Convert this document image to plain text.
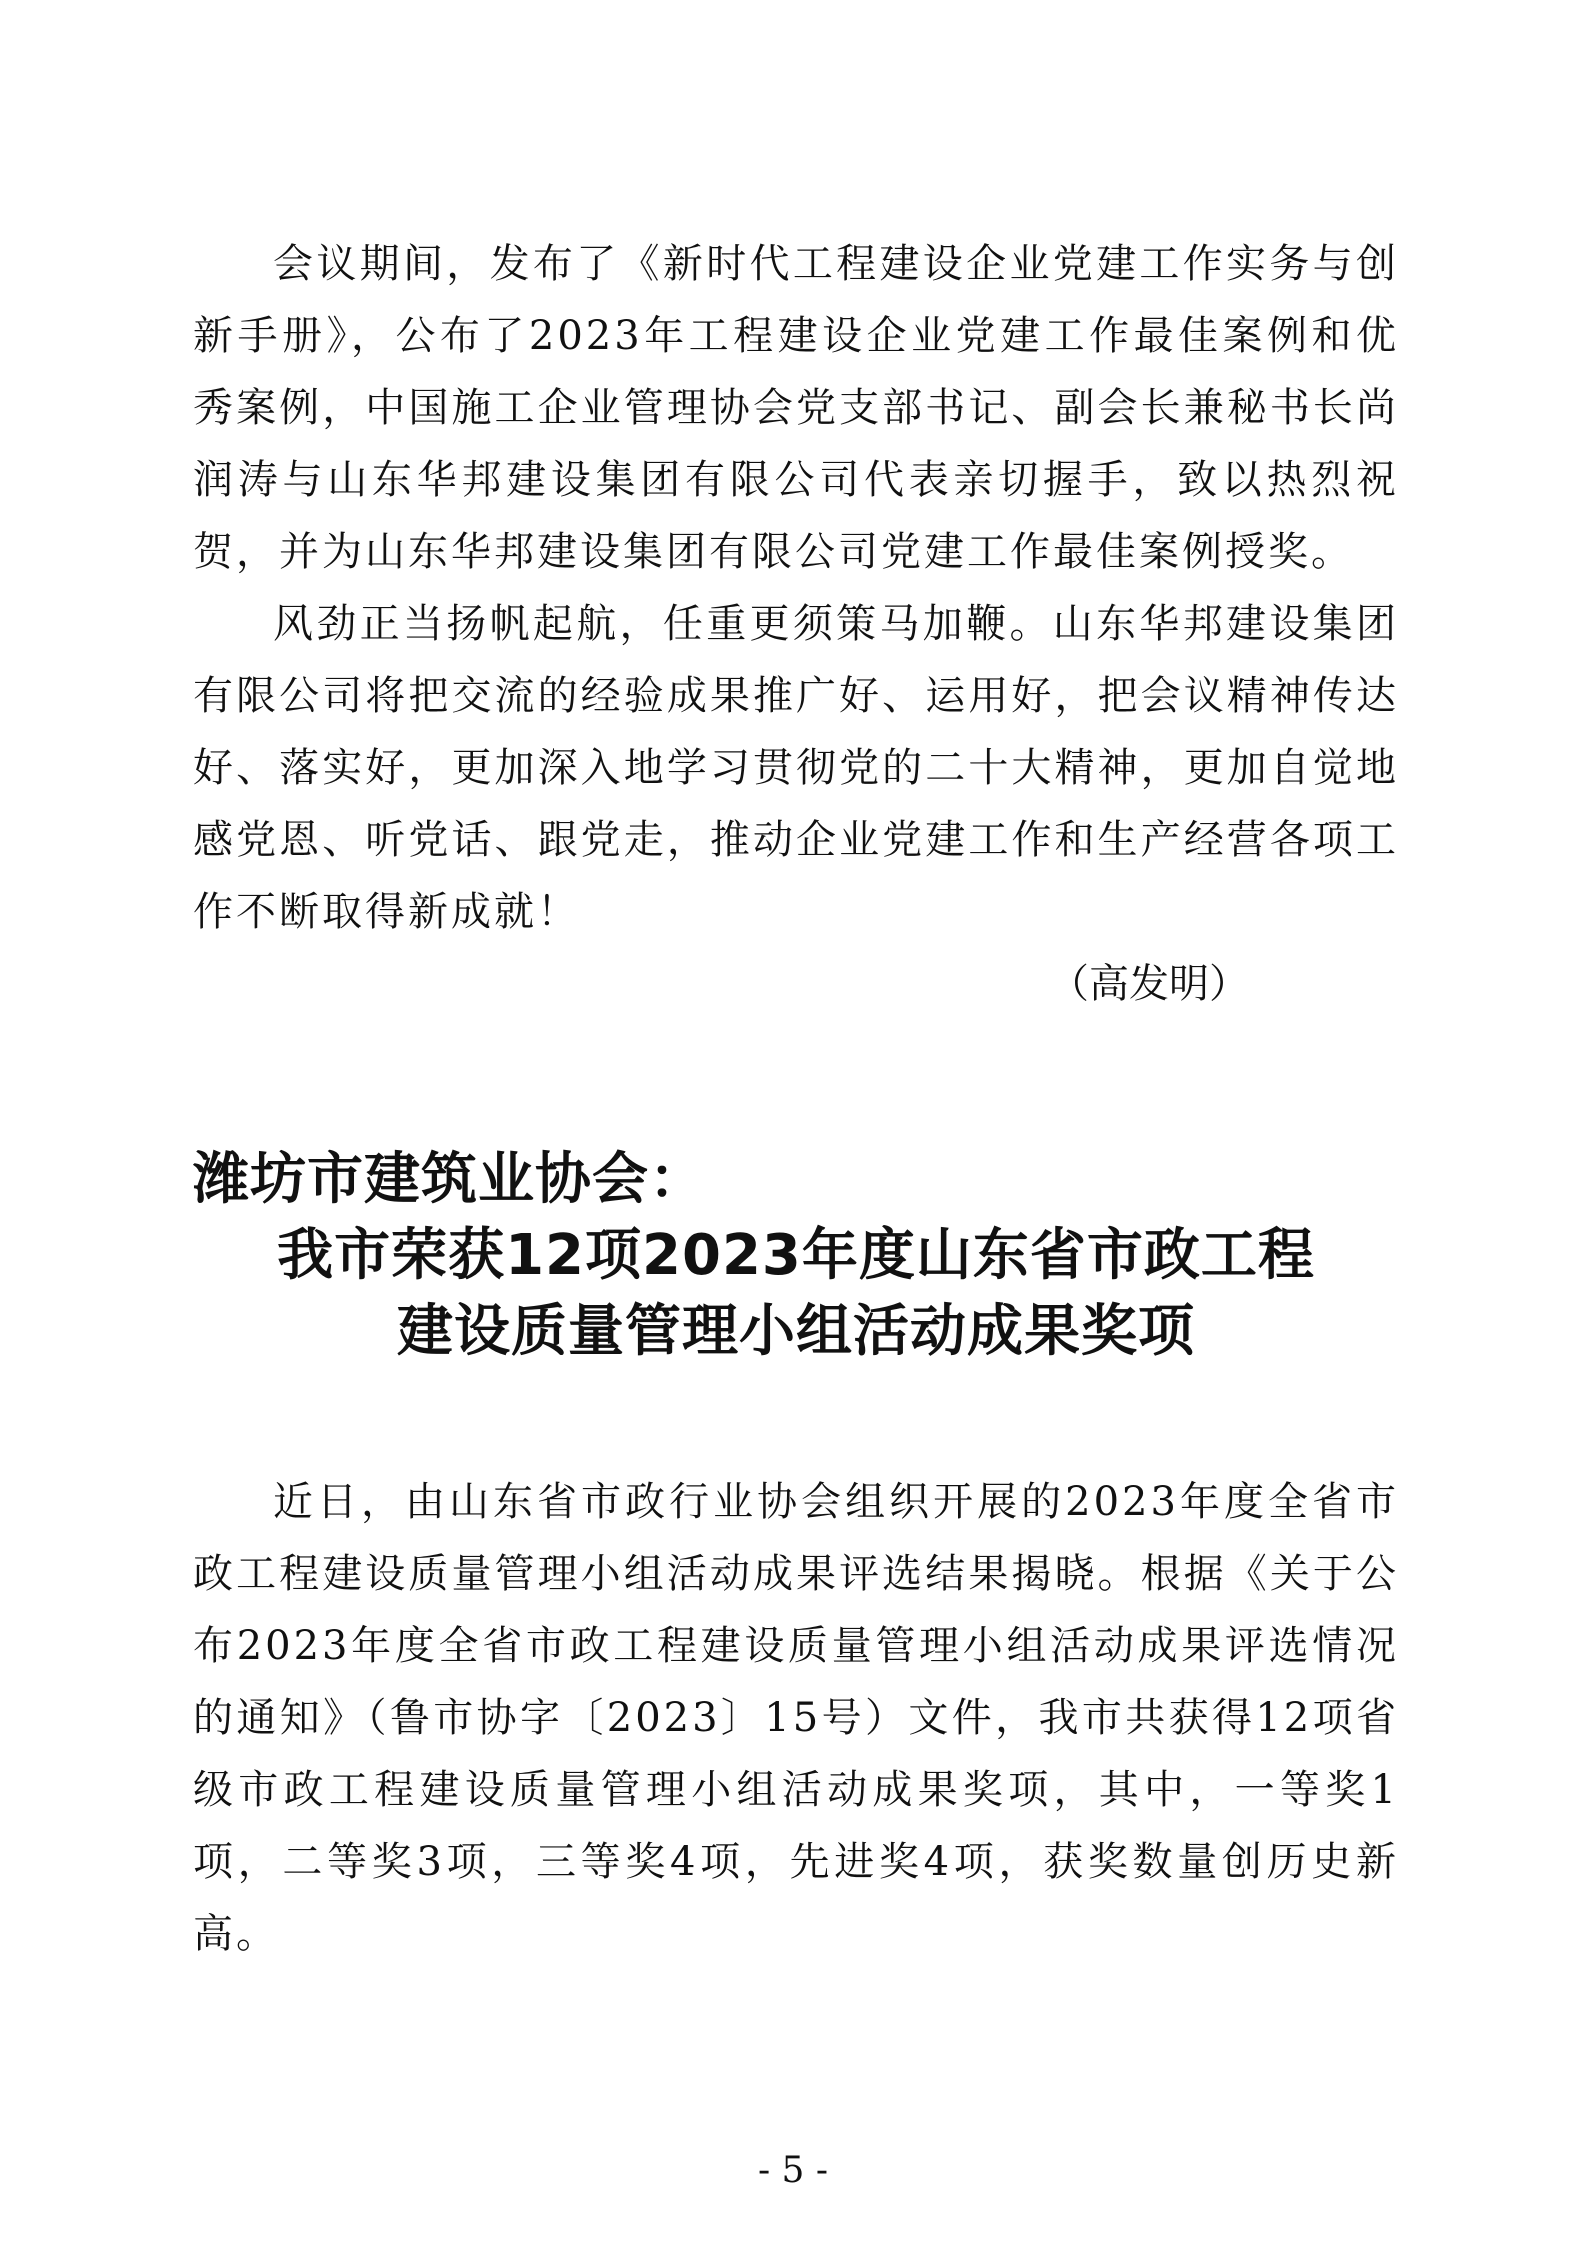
会议期间，发布了《新时代工程建设企业党建工作实务与创新手册》，公布了2023年工程建设企业党建工作最佳案例和优秀案例，中国施工企业管理协会党支部书记、副会长兼秘书长尚润涛与山东华邦建设集团有限公司代表亲切握手，致以热烈祝贺，并为山东华邦建设集团有限公司党建工作最佳案例授奖。

风劲正当扬帆起航，任重更须策马加鞭。山东华邦建设集团有限公司将把交流的经验成果推广好、运用好，把会议精神传达好、落实好，更加深入地学习贯彻党的二十大精神，更加自觉地感党恩、听党话、跟党走，推动企业党建工作和生产经营各项工作不断取得新成就！

（高发明）

潍坊市建筑业协会：

我市荣获12项2023年度山东省市政工程

建设质量管理小组活动成果奖项

近日，由山东省市政行业协会组织开展的2023年度全省市政工程建设质量管理小组活动成果评选结果揭晓。根据《关于公布2023年度全省市政工程建设质量管理小组活动成果评选情况的通知》（鲁市协字〔2023〕15号）文件，我市共获得12项省级市政工程建设质量管理小组活动成果奖项，其中，一等奖1项，二等奖3项，三等奖4项，先进奖4项，获奖数量创历史新高。

- 5 -
